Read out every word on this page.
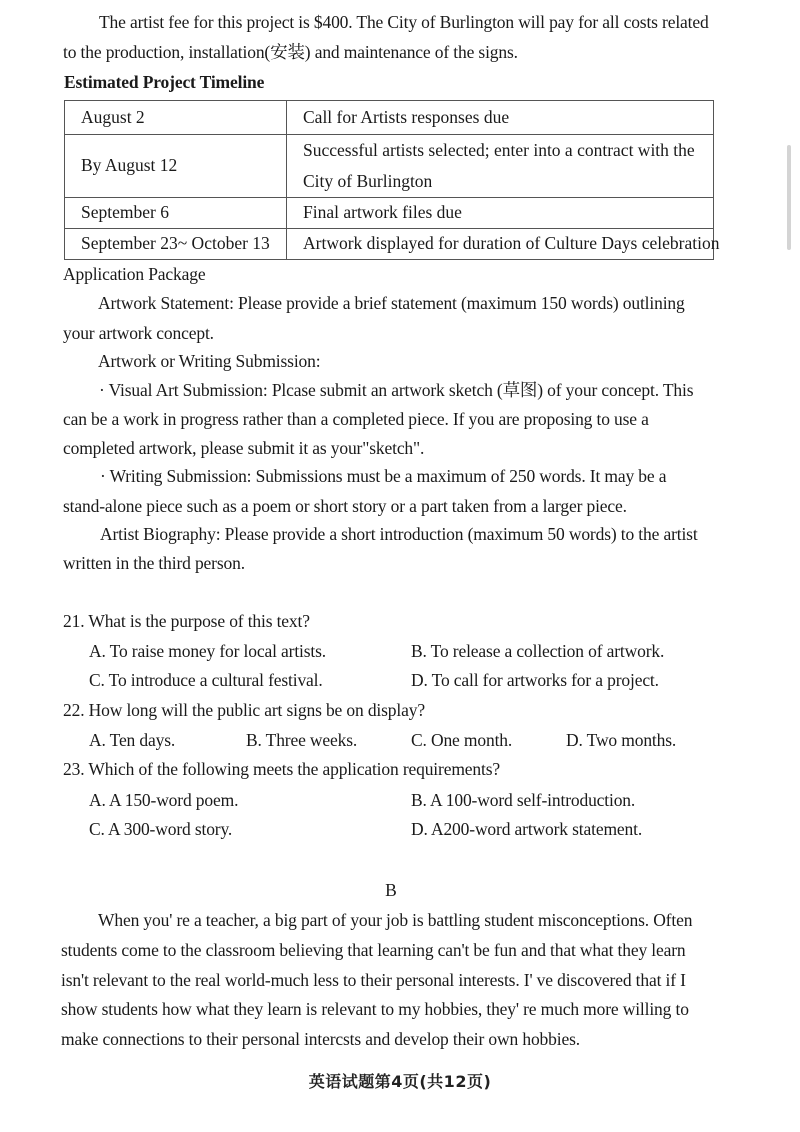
The artist fee for this project is $400. The City of Burlington will pay for all costs related
to the production, installation(安装) and maintenance of the signs.
Estimated Project Timeline
August 2	Call for Artists responses due
By August 12	Successful artists selected; enter into a contract with the
City of Burlington

September 6	Final artwork files due
September 23~ October 13	Artwork displayed for duration of Culture Days celebration
Application Package
Artwork Statement: Please provide a brief statement (maximum 150 words) outlining
your artwork concept.
Artwork or Writing Submission:
· Visual Art Submission: Plcase submit an artwork sketch (草图) of your concept. This
can be a work in progress rather than a completed piece. If you are proposing to use a
completed artwork, please submit it as your"sketch".
· Writing Submission: Submissions must be a maximum of 250 words. It may be a
stand-alone piece such as a poem or short story or a part taken from a larger piece.
Artist Biography: Please provide a short introduction (maximum 50 words) to the artist
written in the third person.
21. What is the purpose of this text?
A. To raise money for local artists.	B. To release a collection of artwork.
C. To introduce a cultural festival.	D. To call for artworks for a project.
22. How long will the public art signs be on display?
A. Ten days.	B. Three weeks.	C. One month.	D. Two months.
23. Which of the following meets the application requirements?
A. A 150-word poem.	B. A 100-word self-introduction.
C. A 300-word story.	D. A200-word artwork statement.
B
When you' re a teacher, a big part of your job is battling student misconceptions. Often
students come to the classroom believing that learning can't be fun and that what they learn
isn't relevant to the real world-much less to their personal interests. I' ve discovered that if I
show students how what they learn is relevant to my hobbies, they' re much more willing to
make connections to their personal intercsts and develop their own hobbies.
英语试题第4页(共12页)
